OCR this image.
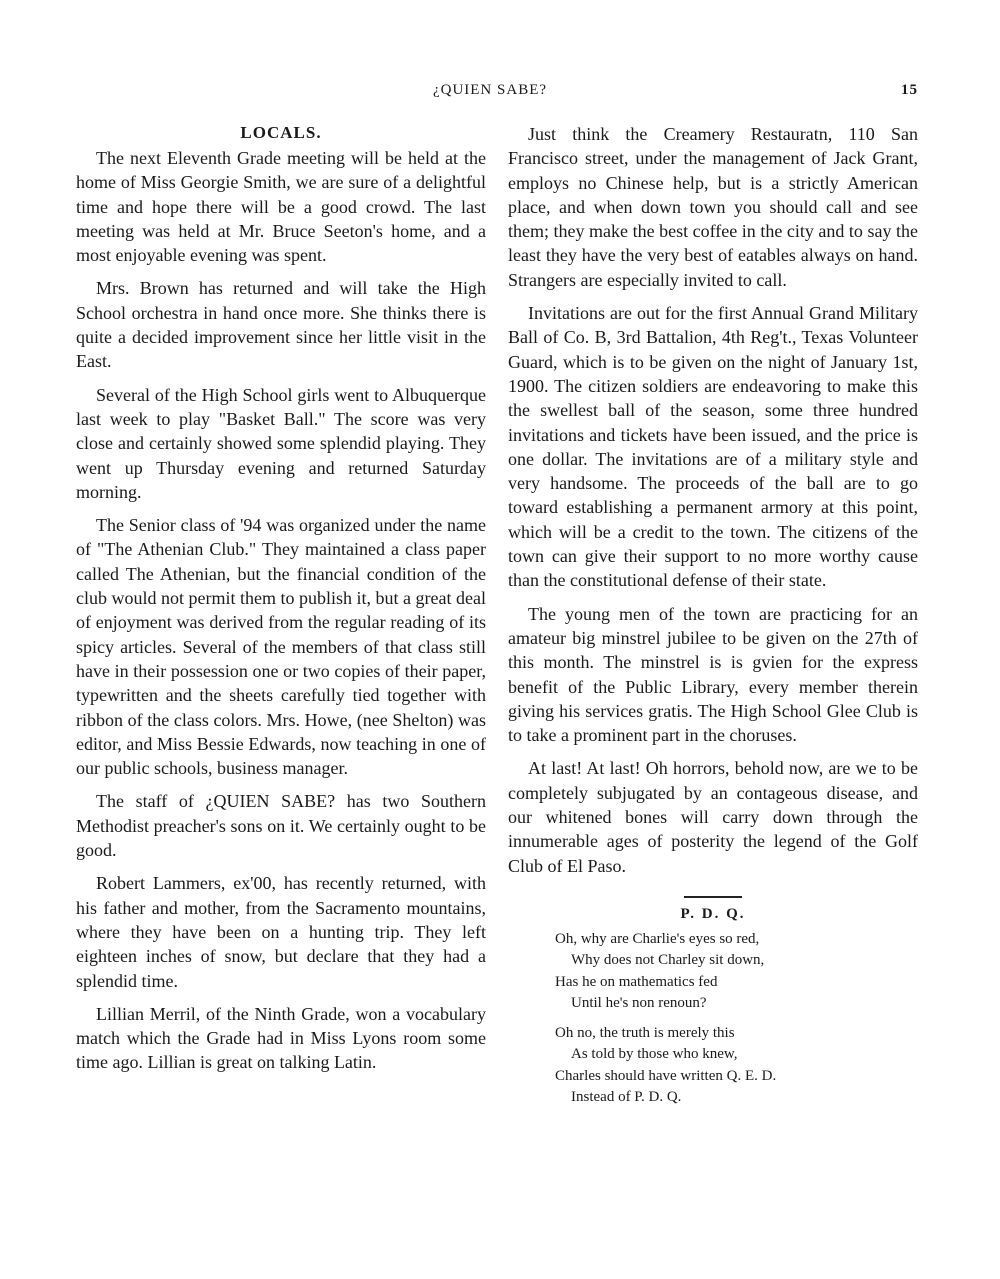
¿QUIEN SABE?	15
LOCALS.

The next Eleventh Grade meeting will be held at the home of Miss Georgie Smith, we are sure of a delightful time and hope there will be a good crowd. The last meeting was held at Mr. Bruce Seeton's home, and a most enjoyable evening was spent.

Mrs. Brown has returned and will take the High School orchestra in hand once more. She thinks there is quite a decided improvement since her little visit in the East.

Several of the High School girls went to Albuquerque last week to play "Basket Ball." The score was very close and certainly showed some splendid playing. They went up Thursday evening and returned Saturday morning.

The Senior class of '94 was organized under the name of "The Athenian Club." They maintained a class paper called The Athenian, but the financial condition of the club would not permit them to publish it, but a great deal of enjoyment was derived from the regular reading of its spicy articles. Several of the members of that class still have in their possession one or two copies of their paper, typewritten and the sheets carefully tied together with ribbon of the class colors. Mrs. Howe, (nee Shelton) was editor, and Miss Bessie Edwards, now teaching in one of our public schools, business manager.

The staff of ¿QUIEN SABE? has two Southern Methodist preacher's sons on it. We certainly ought to be good.

Robert Lammers, ex'00, has recently returned, with his father and mother, from the Sacramento mountains, where they have been on a hunting trip. They left eighteen inches of snow, but declare that they had a splendid time.

Lillian Merril, of the Ninth Grade, won a vocabulary match which the Grade had in Miss Lyons room some time ago. Lillian is great on talking Latin.

Just think the Creamery Restauratn, 110 San Francisco street, under the management of Jack Grant, employs no Chinese help, but is a strictly American place, and when down town you should call and see them; they make the best coffee in the city and to say the least they have the very best of eatables always on hand. Strangers are especially invited to call.

Invitations are out for the first Annual Grand Military Ball of Co. B, 3rd Battalion, 4th Reg't., Texas Volunteer Guard, which is to be given on the night of January 1st, 1900. The citizen soldiers are endeavoring to make this the swellest ball of the season, some three hundred invitations and tickets have been issued, and the price is one dollar. The invitations are of a military style and very handsome. The proceeds of the ball are to go toward establishing a permanent armory at this point, which will be a credit to the town. The citizens of the town can give their support to no more worthy cause than the constitutional defense of their state.

The young men of the town are practicing for an amateur big minstrel jubilee to be given on the 27th of this month. The minstrel is is gvien for the express benefit of the Public Library, every member therein giving his services gratis. The High School Glee Club is to take a prominent part in the choruses.

At last! At last! Oh horrors, behold now, are we to be completely subjugated by an contageous disease, and our whitened bones will carry down through the innumerable ages of posterity the legend of the Golf Club of El Paso.

P. D. Q.
Oh, why are Charlie's eyes so red,
Why does not Charley sit down,
Has he on mathematics fed
Until he's non renoun?
Oh no, the truth is merely this
As told by those who knew,
Charles should have written Q. E. D.
Instead of P. D. Q.
